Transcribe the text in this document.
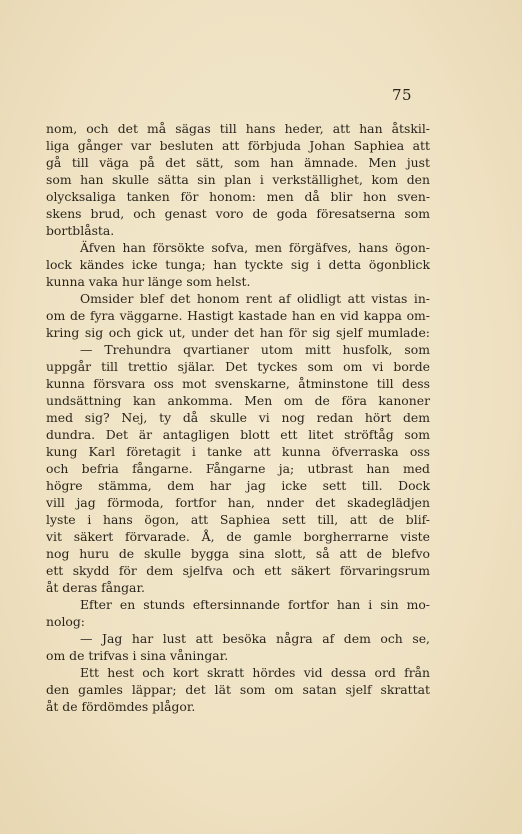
75
nom, och det må sägas till hans heder, att han åtskil-
liga gånger var besluten att förbjuda Johan Saphiea att
gå till väga på det sätt, som han ämnade. Men just
som han skulle sätta sin plan i verkställighet, kom den
olycksaliga tanken för honom: men då blir hon sven-
skens brud, och genast voro de goda föresatserna som
bortblåsta.
Äfven han försökte sofva, men förgäfves, hans ögon-
lock kändes icke tunga; han tyckte sig i detta ögonblick
kunna vaka hur länge som helst.
Omsider blef det honom rent af olidligt att vistas in-
om de fyra väggarne. Hastigt kastade han en vid kappa om-
kring sig och gick ut, under det han för sig sjelf mumlade:
— Trehundra qvartianer utom mitt husfolk, som
uppgår till trettio själar. Det tyckes som om vi borde
kunna försvara oss mot svenskarne, åtminstone till dess
undsättning kan ankomma. Men om de föra kanoner
med sig? Nej, ty då skulle vi nog redan hört dem
dundra. Det är antagligen blott ett litet ströftåg som
kung Karl företagit i tanke att kunna öfverraska oss
och befria fångarne. Fångarne ja; utbrast han med
högre stämma, dem har jag icke sett till. Dock
vill jag förmoda, fortfor han, nnder det skadeglädjen
lyste i hans ögon, att Saphiea sett till, att de blif-
vit säkert förvarade. Å, de gamle borgherrarne viste
nog huru de skulle bygga sina slott, så att de blefvo
ett skydd för dem sjelfva och ett säkert förvaringsrum
åt deras fångar.
Efter en stunds eftersinnande fortfor han i sin mo-
nolog:
— Jag har lust att besöka några af dem och se,
om de trifvas i sina våningar.
Ett hest och kort skratt hördes vid dessa ord från
den gamles läppar; det lät som om satan sjelf skrattat
åt de fördömdes plågor.
